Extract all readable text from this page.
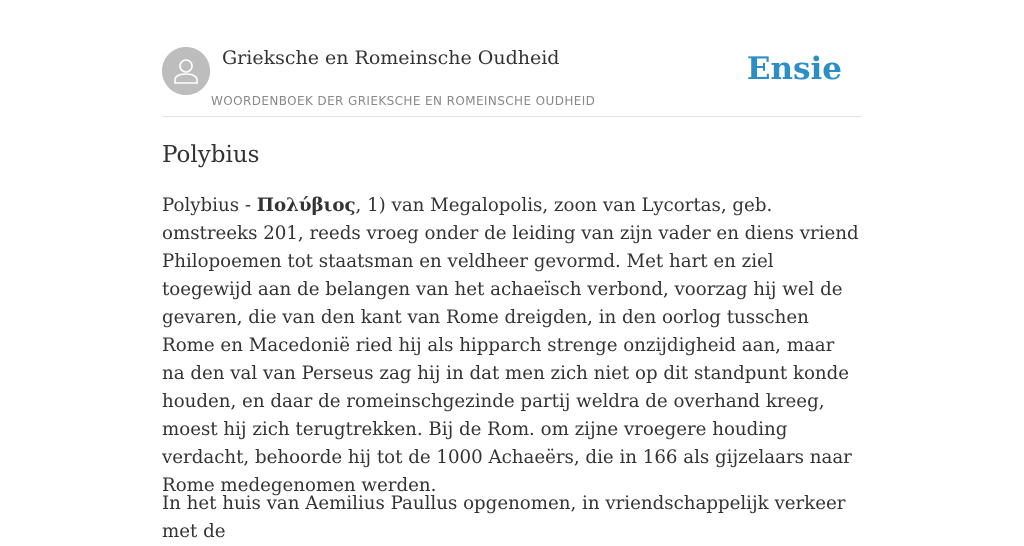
Grieksche en Romeinsche Oudheid
WOORDENBOEK DER GRIEKSCHE EN ROMEINSCHE OUDHEID
Ensie
Polybius

Polybius - Πολύβιος, 1) van Megalopolis, zoon van Lycortas, geb. omstreeks 201, reeds vroeg onder de leiding van zijn vader en diens vriend Philopoemen tot staatsman en veldheer gevormd. Met hart en ziel toegewijd aan de belangen van het achaeïsch verbond, voorzag hij wel de gevaren, die van den kant van Rome dreigden, in den oorlog tusschen Rome en Macedonië ried hij als hipparch strenge onzijdigheid aan, maar na den val van Perseus zag hij in dat men zich niet op dit standpunt konde houden, en daar de romeinschgezinde partij weldra de overhand kreeg, moest hij zich terugtrekken. Bij de Rom. om zijne vroegere houding verdacht, behoorde hij tot de 1000 Achaeërs, die in 166 als gijzelaars naar Rome medegenomen werden.

In het huis van Aemilius Paullus opgenomen, in vriendschappelijk verkeer met de
